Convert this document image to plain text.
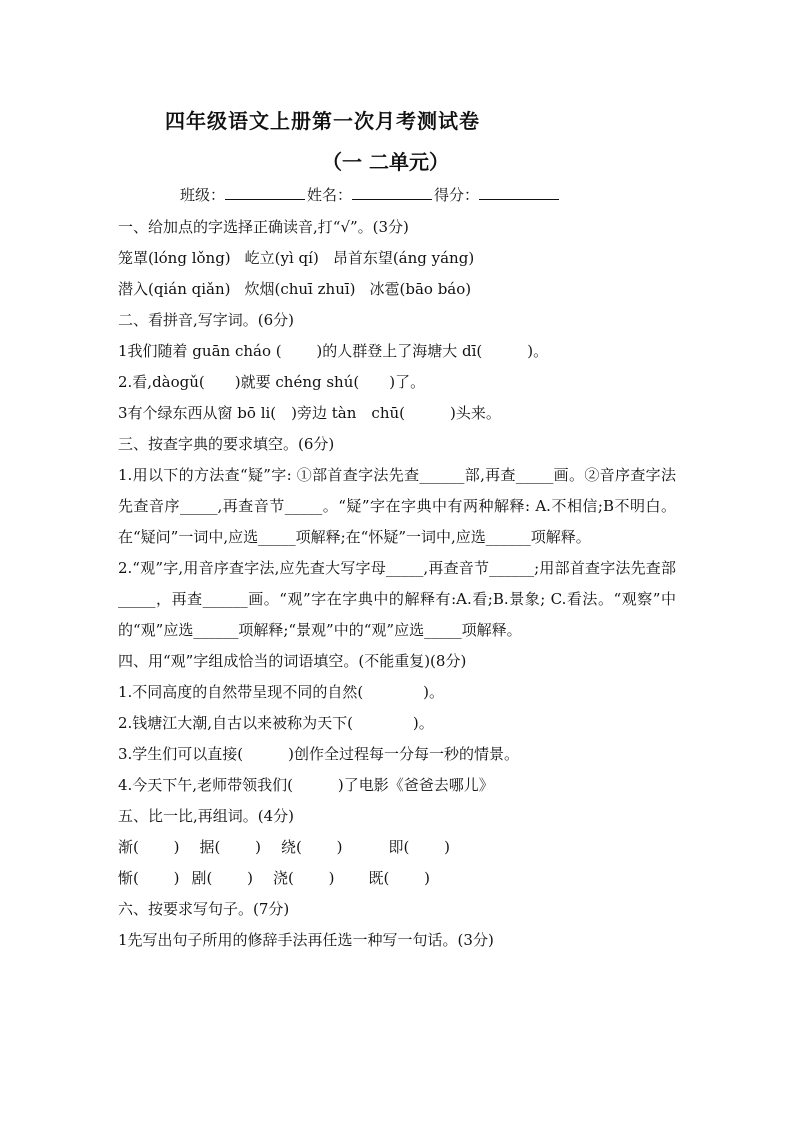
四年级语文上册第一次月考测试卷
（一 二单元）
班级：	姓名：	得分：
一、给加点的字选择正确读音,打“√”。(3分)
笼罩(lóng lǒng) 屹立(yì qí) 昂首东望(áng yáng)
潜入(qián qiǎn) 炊烟(chuī zhuī) 冰雹(bāo báo)
二、看拼音,写字词。(6分)
1我们随着 guān cháo (　　 )的人群登上了海塘大 dī(　　　)。
2.看,dàogǔ(　　)就要 chéng shú(　　)了。
3有个绿东西从窗 bō li(　)旁边 tàn　chū(　　　)头来。
三、按查字典的要求填空。(6分)
1.用以下的方法查“疑”字: ①部首查字法先查______部,再查_____画。②音序查字法先查音序_____,再查音节_____。“疑”字在字典中有两种解释: A.不相信;B不明白。在“疑问”一词中,应选_____项解释;在“怀疑”一词中,应选______项解释。
2.“观”字,用音序查字法,应先查大写字母_____,再查音节______;用部首查字法先查部_____，再查______画。“观”字在字典中的解释有:A.看;B.景象; C.看法。“观察”中的“观”应选______项解释;“景观”中的“观”应选_____项解释。
四、用“观”字组成恰当的词语填空。(不能重复)(8分)
1.不同高度的自然带呈现不同的自然(　　　　)。
2.钱塘江大潮,自古以来被称为天下(　　　　)。
3.学生们可以直接(　　　)创作全过程每一分每一秒的情景。
4.今天下午,老师带领我们(　　　)了电影《爸爸去哪儿》
五、比一比,再组词。(4分)
渐(　　 ) 据(　　 ) 绕(　　 )	即(　　 )
惭(　　 ) 剧(　　 ) 浇(　　 ) 既(　　 )
六、按要求写句子。(7分)
1先写出句子所用的修辞手法再任选一种写一句话。(3分)
